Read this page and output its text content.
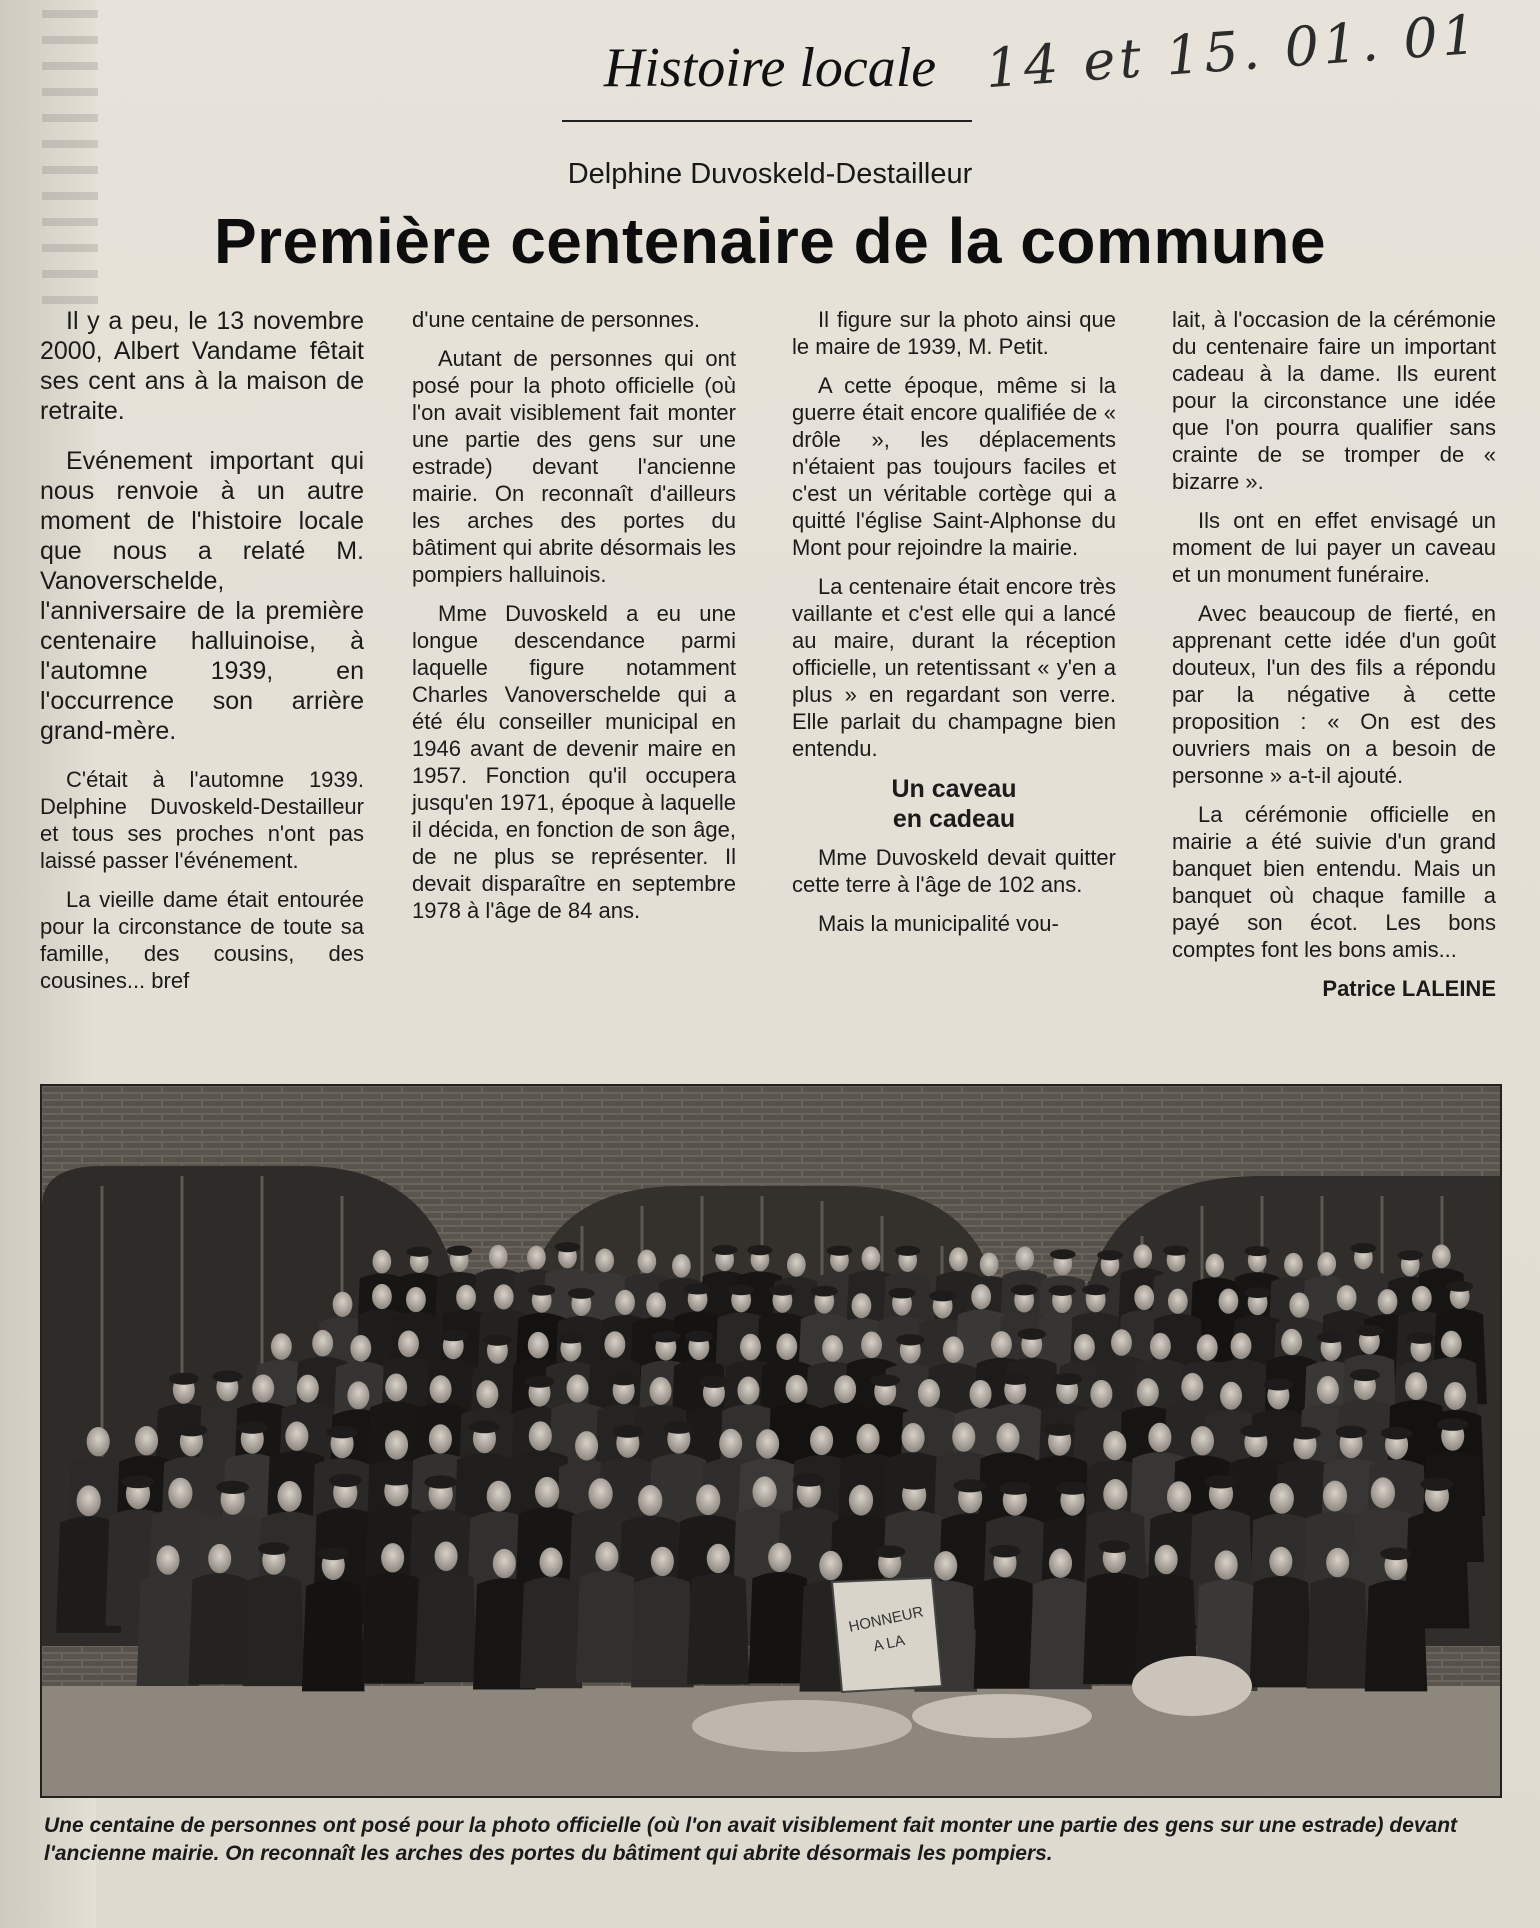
14 et 15. 01. 01
Histoire locale
Delphine Duvoskeld-Destailleur
Première centenaire de la commune

Il y a peu, le 13 novembre 2000, Albert Vandame fêtait ses cent ans à la maison de retraite.

Evénement important qui nous renvoie à un autre moment de l'histoire locale que nous a relaté M. Vanoverschelde, l'anniversaire de la première centenaire halluinoise, à l'automne 1939, en l'occurrence son arrière grand-mère.

C'était à l'automne 1939. Delphine Duvoskeld-Destailleur et tous ses proches n'ont pas laissé passer l'événement.

La vieille dame était entourée pour la circonstance de toute sa famille, des cousins, des cousines... bref

d'une centaine de personnes.

Autant de personnes qui ont posé pour la photo officielle (où l'on avait visiblement fait monter une partie des gens sur une estrade) devant l'ancienne mairie. On reconnaît d'ailleurs les arches des portes du bâtiment qui abrite désormais les pompiers halluinois.

Mme Duvoskeld a eu une longue descendance parmi laquelle figure notamment Charles Vanoverschelde qui a été élu conseiller municipal en 1946 avant de devenir maire en 1957. Fonction qu'il occupera jusqu'en 1971, époque à laquelle il décida, en fonction de son âge, de ne plus se représenter. Il devait disparaître en septembre 1978 à l'âge de 84 ans.

Il figure sur la photo ainsi que le maire de 1939, M. Petit.

A cette époque, même si la guerre était encore qualifiée de « drôle », les déplacements n'étaient pas toujours faciles et c'est un véritable cortège qui a quitté l'église Saint-Alphonse du Mont pour rejoindre la mairie.

La centenaire était encore très vaillante et c'est elle qui a lancé au maire, durant la réception officielle, un retentissant « y'en a plus » en regardant son verre. Elle parlait du champagne bien entendu.

Un caveau
en cadeau

Mme Duvoskeld devait quitter cette terre à l'âge de 102 ans.

Mais la municipalité vou-

lait, à l'occasion de la cérémonie du centenaire faire un important cadeau à la dame. Ils eurent pour la circonstance une idée que l'on pourra qualifier sans crainte de se tromper de « bizarre ».

Ils ont en effet envisagé un moment de lui payer un caveau et un monument funéraire.

Avec beaucoup de fierté, en apprenant cette idée d'un goût douteux, l'un des fils a répondu par la négative à cette proposition : « On est des ouvriers mais on a besoin de personne » a-t-il ajouté.

La cérémonie officielle en mairie a été suivie d'un grand banquet bien entendu. Mais un banquet où chaque famille a payé son écot. Les bons comptes font les bons amis...

Patrice LALEINE

HONNEUR
A LA
Une centaine de personnes ont posé pour la photo officielle (où l'on avait visiblement fait monter une partie des gens sur une estrade) devant l'ancienne mairie. On reconnaît les arches des portes du bâtiment qui abrite désormais les pompiers.
